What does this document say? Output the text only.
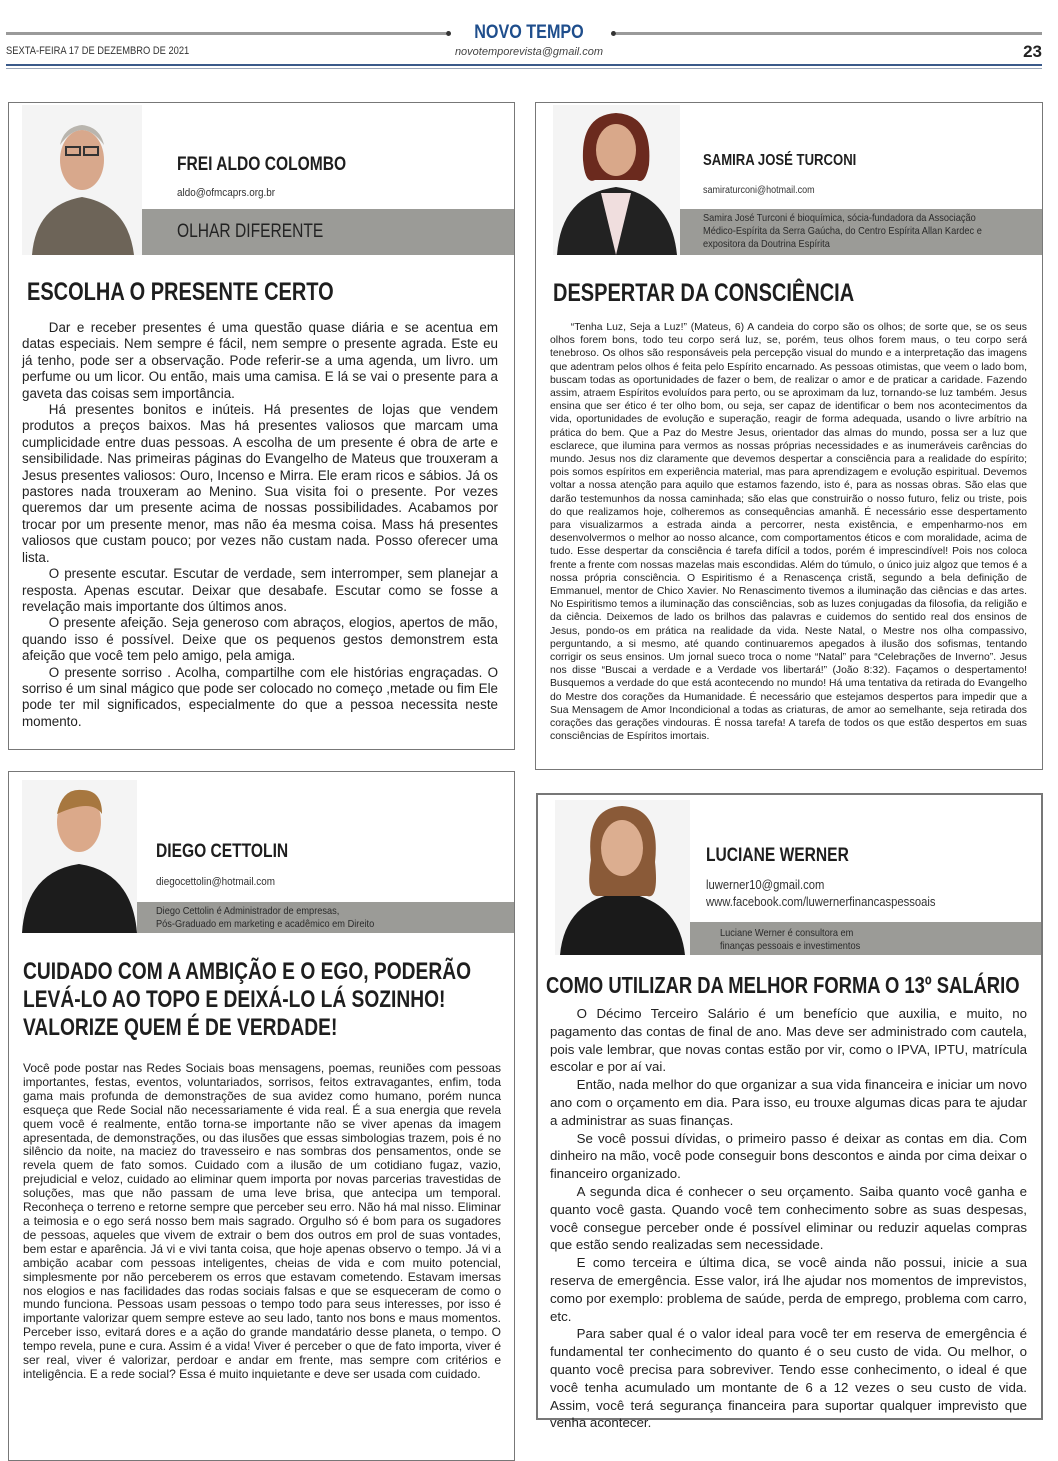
NOVO TEMPO
SEXTA-FEIRA 17 DE DEZEMBRO DE 2021	novotemporevista@gmail.com	23
FREI ALDO COLOMBO
aldo@ofmcaprs.org.br
OLHAR DIFERENTE
ESCOLHA O PRESENTE CERTO

Dar e receber presentes é uma questão quase diária e se acentua em datas especiais. Nem sempre é fácil, nem sempre o presente agrada. Este eu já tenho, pode ser a observação. Pode referir-se a uma agenda, um livro. um perfume ou um licor. Ou então, mais uma camisa. E lá se vai o presente para a gaveta das coisas sem importância.

Há presentes bonitos e inúteis. Há presentes de lojas que vendem produtos a preços baixos. Mas há presentes valiosos que marcam uma cumplicidade entre duas pessoas. A escolha de um presente é obra de arte e sensibilidade. Nas primeiras páginas do Evangelho de Mateus que trouxeram a Jesus presentes valiosos: Ouro, Incenso e Mirra. Ele eram ricos e sábios. Já os pastores nada trouxeram ao Menino. Sua visita foi o presente. Por vezes queremos dar um presente acima de nossas possibilidades. Acabamos por trocar por um presente menor, mas não éa mesma coisa. Mass há presentes valiosos que custam pouco; por vezes não custam nada. Posso oferecer uma lista.

O presente escutar. Escutar de verdade, sem interromper, sem planejar a resposta. Apenas escutar. Deixar que desabafe. Escutar como se fosse a revelação mais importante dos últimos anos.

O presente afeição. Seja generoso com abraços, elogios, apertos de mão, quando isso é possível. Deixe que os pequenos gestos demonstrem esta afeição que você tem pelo amigo, pela amiga.

O presente sorriso . Acolha, compartilhe com ele histórias engraçadas. O sorriso é um sinal mágico que pode ser colocado no começo ,metade ou fim Ele pode ter mil significados, especialmente do que a pessoa necessita neste momento.

SAMIRA JOSÉ TURCONI
samiraturconi@hotmail.com
Samira José Turconi é bioquímica, sócia-fundadora da Associação
Médico-Espírita da Serra Gaúcha, do Centro Espírita Allan Kardec e
expositora da Doutrina Espírita
DESPERTAR DA CONSCIÊNCIA

“Tenha Luz, Seja a Luz!” (Mateus, 6) A candeia do corpo são os olhos; de sorte que, se os seus olhos forem bons, todo teu corpo será luz, se, porém, teus olhos forem maus, o teu corpo será tenebroso. Os olhos são responsáveis pela percepção visual do mundo e a interpretação das imagens que adentram pelos olhos é feita pelo Espírito encarnado. As pessoas otimistas, que veem o lado bom, buscam todas as oportunidades de fazer o bem, de realizar o amor e de praticar a caridade. Fazendo assim, atraem Espíritos evoluídos para perto, ou se aproximam da luz, tornando-se luz também. Jesus ensina que ser ético é ter olho bom, ou seja, ser capaz de identificar o bem nos acontecimentos da vida, oportunidades de evolução e superação, reagir de forma adequada, usando o livre arbítrio na prática do bem. Que a Paz do Mestre Jesus, orientador das almas do mundo, possa ser a luz que esclarece, que ilumina para vermos as nossas próprias necessidades e as inumeráveis carências do mundo. Jesus nos diz claramente que devemos despertar a consciência para a realidade do espírito; pois somos espíritos em experiência material, mas para aprendizagem e evolução espiritual. Devemos voltar a nossa atenção para aquilo que estamos fazendo, isto é, para as nossas obras. São elas que darão testemunhos da nossa caminhada; são elas que construirão o nosso futuro, feliz ou triste, pois do que realizamos hoje, colheremos as consequências amanhã. É necessário esse despertamento para visualizarmos a estrada ainda a percorrer, nesta existência, e empenharmo-nos em desenvolvermos o melhor ao nosso alcance, com comportamentos éticos e com moralidade, acima de tudo. Esse despertar da consciência é tarefa difícil a todos, porém é imprescindível! Pois nos coloca frente a frente com nossas mazelas mais escondidas. Além do túmulo, o único juiz algoz que temos é a nossa própria consciência. O Espiritismo é a Renascença cristã, segundo a bela definição de Emmanuel, mentor de Chico Xavier. No Renascimento tivemos a iluminação das ciências e das artes. No Espiritismo temos a iluminação das consciências, sob as luzes conjugadas da filosofia, da religião e da ciência. Deixemos de lado os brilhos das palavras e cuidemos do sentido real dos ensinos de Jesus, pondo-os em prática na realidade da vida. Neste Natal, o Mestre nos olha compassivo, perguntando, a si mesmo, até quando continuaremos apegados à ilusão dos sofismas, tentando corrigir os seus ensinos. Um jornal sueco troca o nome “Natal” para “Celebrações de Inverno”. Jesus nos disse “Buscai a verdade e a Verdade vos libertará!” (João 8:32). Façamos o despertamento! Busquemos a verdade do que está acontecendo no mundo! Há uma tentativa da retirada do Evangelho do Mestre dos corações da Humanidade. É necessário que estejamos despertos para impedir que a Sua Mensagem de Amor Incondicional a todas as criaturas, de amor ao semelhante, seja retirada dos corações das gerações vindouras. É nossa tarefa! A tarefa de todos os que estão despertos em suas consciências de Espíritos imortais.

DIEGO CETTOLIN
diegocettolin@hotmail.com
Diego Cettolin é Administrador de empresas,
Pós-Graduado em marketing e acadêmico em Direito
CUIDADO COM A AMBIÇÃO E O EGO, PODERÃO
LEVÁ-LO AO TOPO E DEIXÁ-LO LÁ SOZINHO!
VALORIZE QUEM É DE VERDADE!

Você pode postar nas Redes Sociais boas mensagens, poemas, reuniões com pessoas importantes, festas, eventos, voluntariados, sorrisos, feitos extravagantes, enfim, toda gama mais profunda de demonstrações de sua avidez como humano, porém nunca esqueça que Rede Social não necessariamente é vida real. É a sua energia que revela quem você é realmente, então torna-se importante não se viver apenas da imagem apresentada, de demonstrações, ou das ilusões que essas simbologias trazem, pois é no silêncio da noite, na maciez do travesseiro e nas sombras dos pensamentos, onde se revela quem de fato somos. Cuidado com a ilusão de um cotidiano fugaz, vazio, prejudicial e veloz, cuidado ao eliminar quem importa por novas parcerias travestidas de soluções, mas que não passam de uma leve brisa, que antecipa um temporal. Reconheça o terreno e retorne sempre que perceber seu erro. Não há mal nisso. Eliminar a teimosia e o ego será nosso bem mais sagrado. Orgulho só é bom para os sugadores de pessoas, aqueles que vivem de extrair o bem dos outros em prol de suas vontades, bem estar e aparência. Já vi e vivi tanta coisa, que hoje apenas observo o tempo. Já vi a ambição acabar com pessoas inteligentes, cheias de vida e com muito potencial, simplesmente por não perceberem os erros que estavam cometendo. Estavam imersas nos elogios e nas facilidades das rodas sociais falsas e que se esqueceram de como o mundo funciona. Pessoas usam pessoas o tempo todo para seus interesses, por isso é importante valorizar quem sempre esteve ao seu lado, tanto nos bons e maus momentos. Perceber isso, evitará dores e a ação do grande mandatário desse planeta, o tempo. O tempo revela, pune e cura. Assim é a vida! Viver é perceber o que de fato importa, viver é ser real, viver é valorizar, perdoar e andar em frente, mas sempre com critérios e inteligência. E a rede social? Essa é muito inquietante e deve ser usada com cuidado.

LUCIANE WERNER
luwerner10@gmail.com
www.facebook.com/luwernerfinancaspessoais
Luciane Werner é consultora em
finanças pessoais e investimentos
COMO UTILIZAR DA MELHOR FORMA O 13º SALÁRIO

O Décimo Terceiro Salário é um benefício que auxilia, e muito, no pagamento das contas de final de ano. Mas deve ser administrado com cautela, pois vale lembrar, que novas contas estão por vir, como o IPVA, IPTU, matrícula escolar e por aí vai.

Então, nada melhor do que organizar a sua vida financeira e iniciar um novo ano com o orçamento em dia. Para isso, eu trouxe algumas dicas para te ajudar a administrar as suas finanças.

Se você possui dívidas, o primeiro passo é deixar as contas em dia. Com dinheiro na mão, você pode conseguir bons descontos e ainda por cima deixar o financeiro organizado.

A segunda dica é conhecer o seu orçamento. Saiba quanto você ganha e quanto você gasta. Quando você tem conhecimento sobre as suas despesas, você consegue perceber onde é possível eliminar ou reduzir aquelas compras que estão sendo realizadas sem necessidade.

E como terceira e última dica, se você ainda não possui, inicie a sua reserva de emergência. Esse valor, irá lhe ajudar nos momentos de imprevistos, como por exemplo: problema de saúde, perda de emprego, problema com carro, etc.

Para saber qual é o valor ideal para você ter em reserva de emergência é fundamental ter conhecimento do quanto é o seu custo de vida. Ou melhor, o quanto você precisa para sobreviver. Tendo esse conhecimento, o ideal é que você tenha acumulado um montante de 6 a 12 vezes o seu custo de vida. Assim, você terá segurança financeira para suportar qualquer imprevisto que venha acontecer.
